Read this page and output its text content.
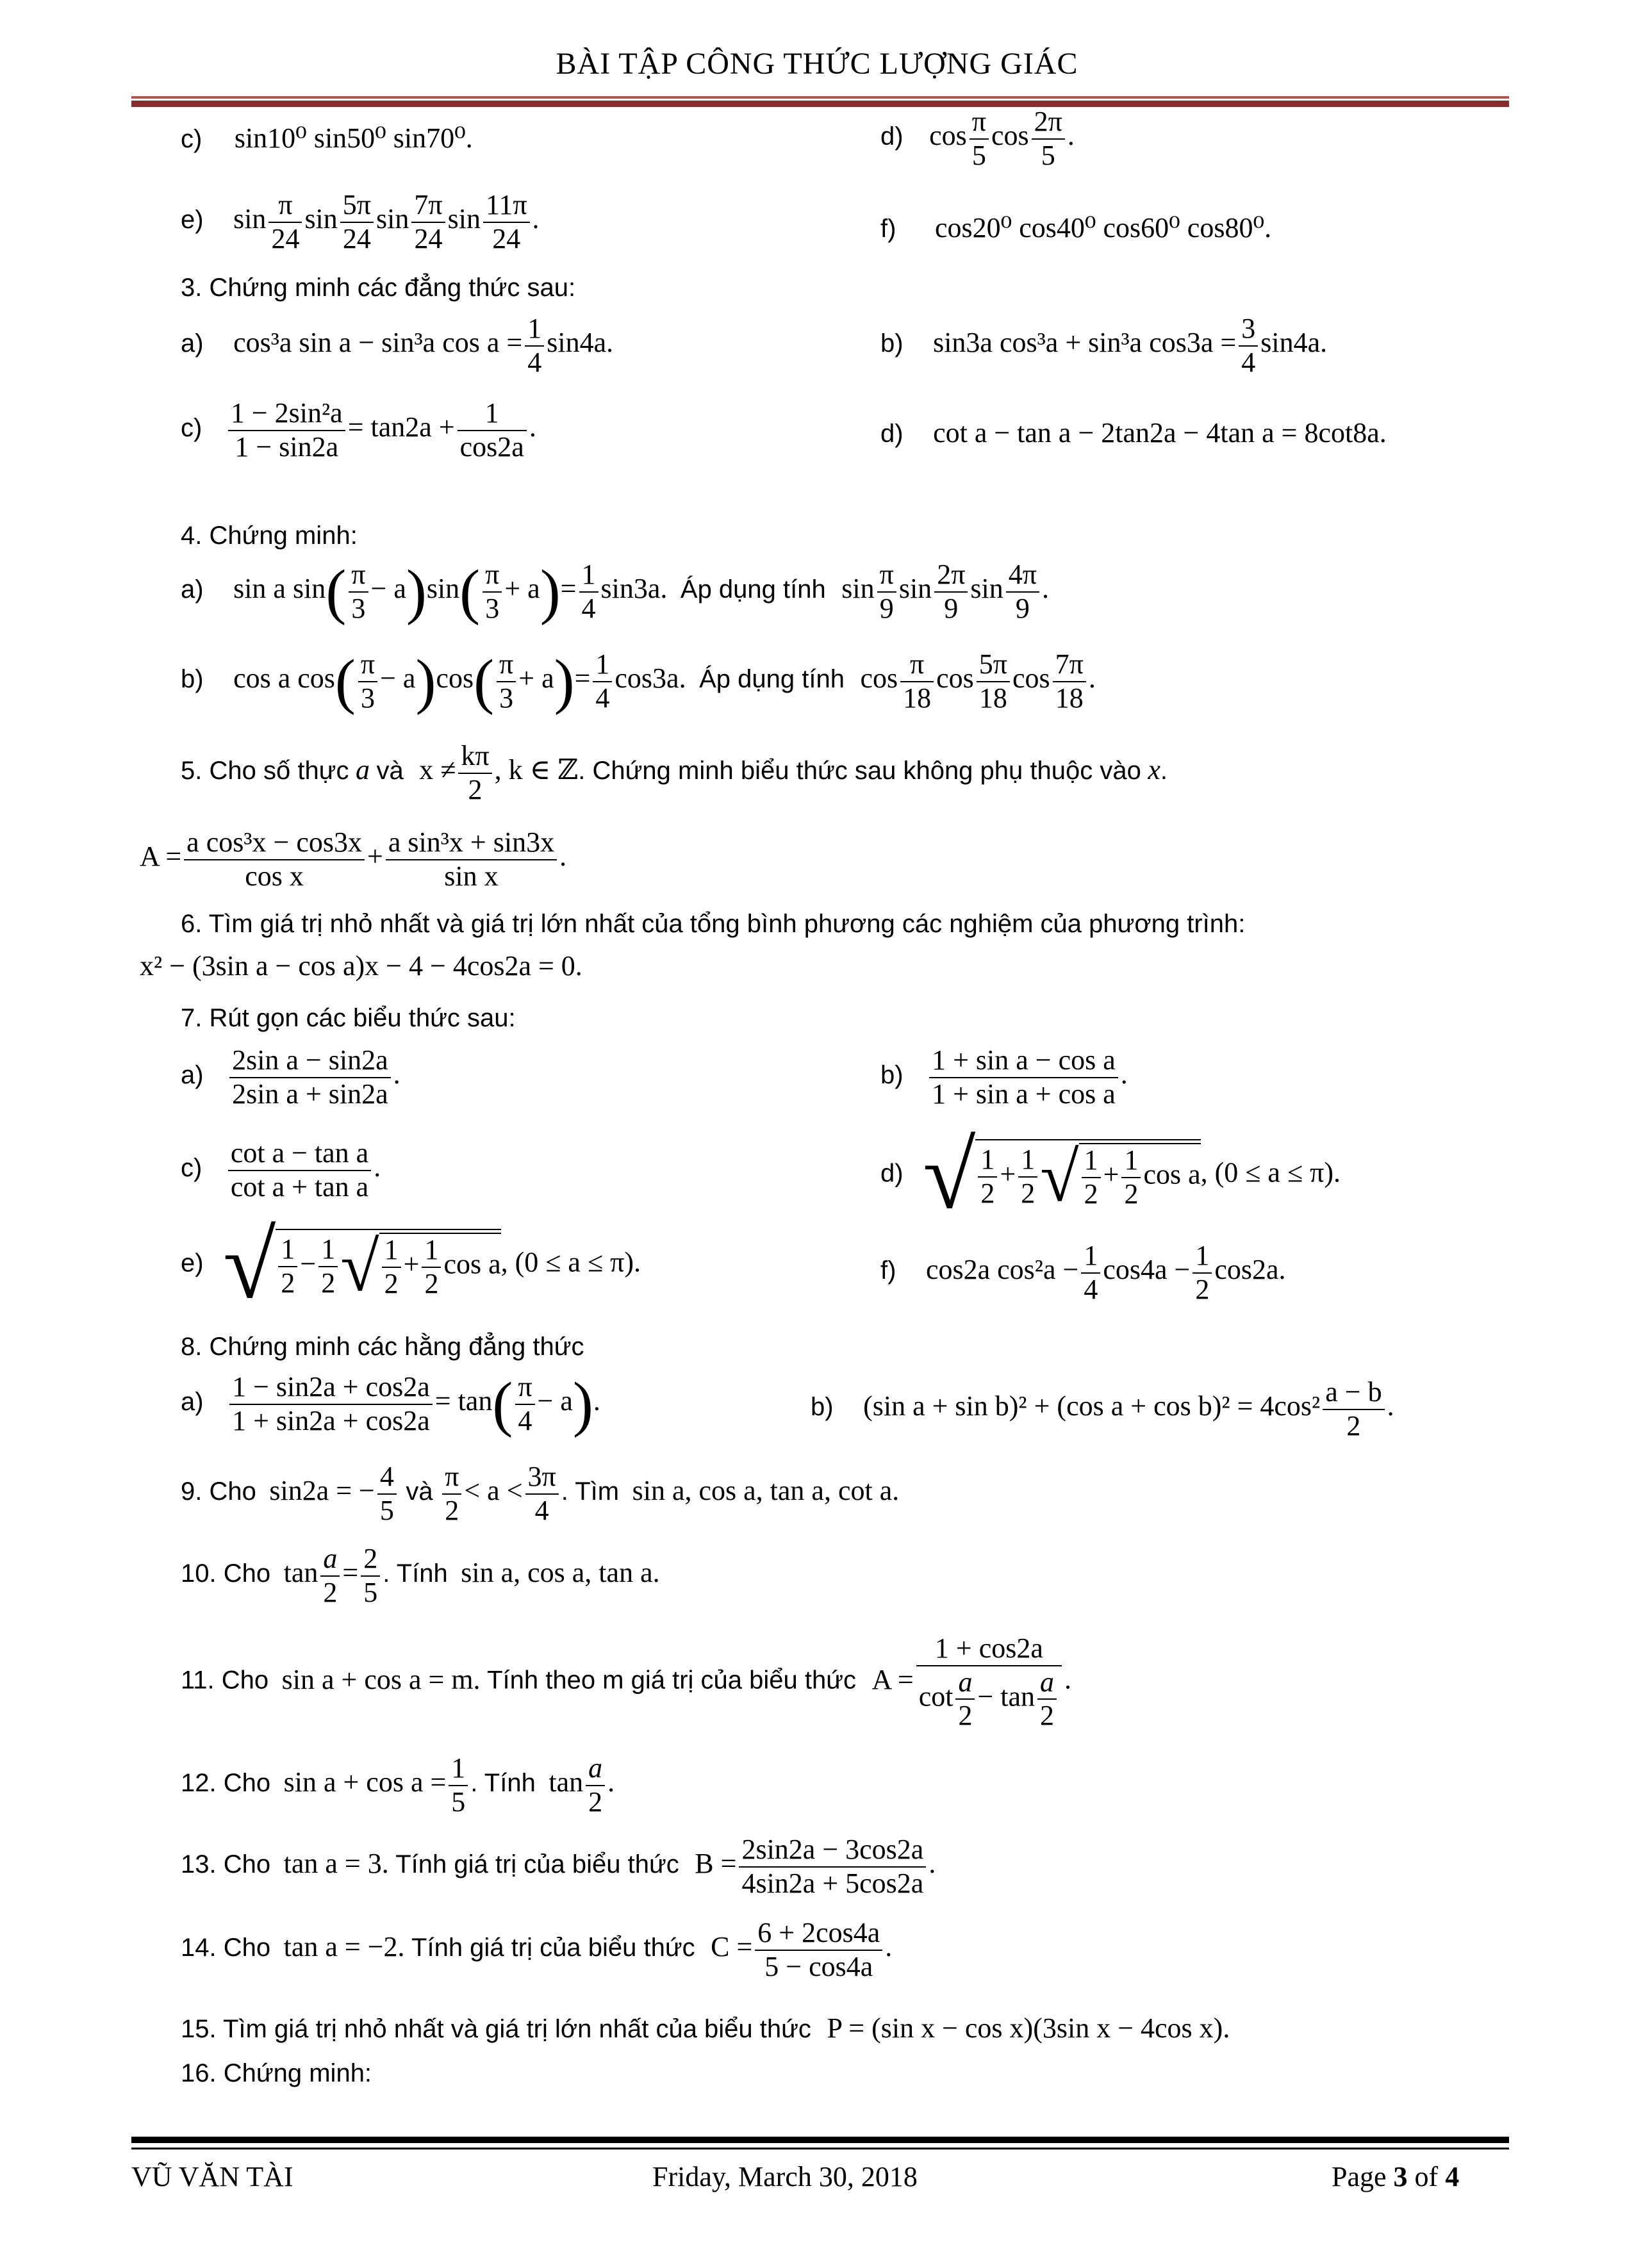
BÀI TẬP CÔNG THỨC LƯỢNG GIÁC
c) sin10⁰ sin50⁰ sin70⁰.	d) $\cos \frac{\pi}{5}$ $\cos \frac{2\pi}{5}$ .
e) $\sin \frac{\pi}{24}$ $\sin \frac{5\pi}{24}$ $\sin \frac{7\pi}{24}$ $\sin \frac{11\pi}{24}$ .	f) cos20⁰ cos40⁰ cos60⁰ cos80⁰.
3. Chứng minh các đẳng thức sau:
a) cos³a sin a − sin³a $\cos a = \frac{1}{4} \sin 4a$.	b) sin3a cos³a + sin³a $\cos 3a = \frac{3}{4} \sin 4a$.
$c) \frac{\text{1 − 2sin²a}}{1 - \sin 2a} = \tan 2a + \frac{1}{\cos 2a}$ .	d) cot a − tan a − 2tan2a − 4tan a = 8cot8a.
4. Chứng minh:
a) sin a $\sin( \frac{\pi}{3} - a)\sin( \frac{\pi}{3} + a)= \frac{1}{4} \sin 3a$. Áp dụng tính $\sin \frac{\pi}{9}$ $\sin \frac{2\pi}{9}$ $\sin \frac{4\pi}{9}$ .
b) cos a $\cos( \frac{\pi}{3} - a)\cos( \frac{\pi}{3} + a)= \frac{1}{4} \cos 3a$. Áp dụng tính $\cos \frac{\pi}{18}$ $\cos \frac{5\pi}{18}$ $\cos \frac{7\pi}{18}$ .
5. Cho số thực a và $x \ne \frac{k\pi}{2}$ , k ∈ ℤ. Chứng minh biểu thức sau không phụ thuộc vào x.
$A = \frac{\text{a cos³x − cos3x}}{\text{cos x}} + \frac{\text{a sin³x + sin3x}}{\text{sin x}}$ .
6. Tìm giá trị nhỏ nhất và giá trị lớn nhất của tổng bình phương các nghiệm của phương trình:
x² − (3sin a − cos a)x − 4 − 4cos2a = 0.
7. Rút gọn các biểu thức sau:
$a) \frac{\text{2sin a − sin2a}}{\text{2sin a + sin2a}}$ .	$b) \frac{\text{1 + sin a − cos a}}{\text{1 + sin a + cos a}}$ .
$c) \frac{\text{cot a − tan a}}{\text{cot a + tan a}}$ .	d) √ $\frac{1}{2} + \frac{1}{2}$ √ $\frac{1}{2} + \frac{1}{2}$ cos a, (0 ≤ a ≤ π).
e) √ $\frac{1}{2} - \frac{1}{2}$ √ $\frac{1}{2} + \frac{1}{2}$ cos a, (0 ≤ a ≤ π).	f) cos2a $\cos^2a - \frac{1}{4} \cos 4a - \frac{1}{2} \cos 2a$.
8. Chứng minh các hằng đẳng thức
$a) \frac{1 - \sin 2a + \cos 2a}{1 + \sin 2a + \cos 2a} = \tan( \frac{\pi}{4} - a)$.	b) (sin a + sin b)² + (cos $a + \cos b)^2 = 4\cos^2 \frac{a - b}{2}$ .
9. Cho sin2a = − $\frac{4}{5}$ và $\frac{\pi}{2} < a < \frac{3\pi}{4}$ . Tìm sin a, cos a, tan a, cot a.
10. Cho $\tan \frac{a}{2} = \frac{2}{5}$ . Tính sin a, cos a, tan a.
11. Cho sin a + cos a = m. Tính theo m giá trị của biểu thức $A = \frac{1 + \cos 2a}{\cot \frac{a}{2} - \tan \frac{a}{2}}$ .
12. Cho $\sin a + \cos a = \frac{1}{5}$ . Tính $\tan \frac{a}{2}$ .
13. Cho tan a = 3. Tính giá trị của biểu thức $B = \frac{2\sin 2a - 3\cos 2a}{4\sin 2a + 5\cos 2a}$ .
14. Cho tan a = −2. Tính giá trị của biểu thức $C = \frac{6 + 2\cos 4a}{5 - \cos 4a}$ .
15. Tìm giá trị nhỏ nhất và giá trị lớn nhất của biểu thức P = (sin x − cos x)(3sin x − 4cos x).
16. Chứng minh:
VŨ VĂN TÀI	Friday, March 30, 2018	Page 3 of 4
